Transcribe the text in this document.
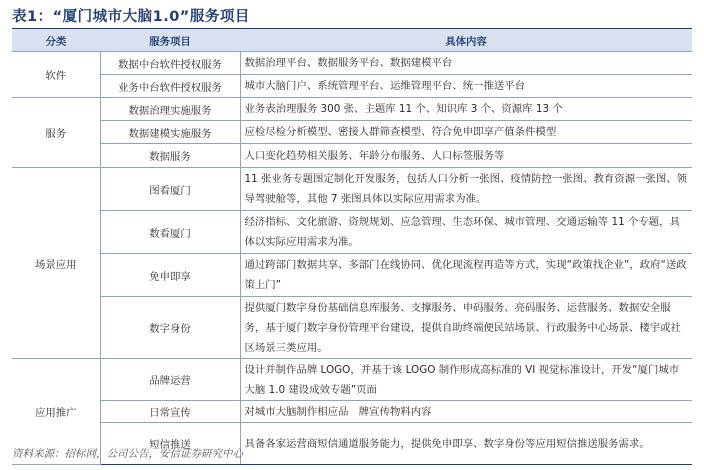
表1：“厦门城市大脑1.0”服务项目
分类	服务项目	具体内容
软件	数据中台软件授权服务	数据治理平台、数据服务平台、数据建模平台
	业务中台软件授权服务	城市大脑门户、系统管理平台、运维管理平台、统一推送平台
服务	数据治理实施服务	业务表治理服务 300 张、主题库 11 个、知识库 3 个、资源库 13 个
	数据建模实施服务	应检尽检分析模型、密接人群筛查模型、符合免申即享产值条件模型
	数据服务	人口变化趋势相关服务、年龄分布服务、人口标签服务等
场景应用	图看厦门	11 张业务专题图定制化开发服务，包括人口分析一张图、疫情防控一张图、教育资源一张图、领导驾驶舱等，其他 7 张图具体以实际应用需求为准。
	数看厦门	经济指标、文化旅游、资规规划、应急管理、生态环保、城市管理、交通运输等 11 个专题，具体以实际应用需求为准。
	免申即享	通过跨部门数据共享、多部门在线协同、优化现流程再造等方式，实现“政策找企业”，政府“送政策上门”
	数字身份	提供厦门数字身份基础信息库服务、支撑服务、申码服务、亮码服务、运营服务、数据安全服务，基于厦门数字身份管理平台建设，提供自助终端便民站场景、行政服务中心场景、楼宇或社区场景三类应用。
应用推广	品牌运营	设计并制作品牌 LOGO，并基于该 LOGO 制作形成高标准的 VI 视觉标准设计，开发“厦门城市大脑 1.0 建设成效专题”页面
	日常宣传	对城市大脑制作相应品　牌宣传物料内容
	短信推送	具备各家运营商短信通道服务能力，提供免申即享、数字身份等应用短信推送服务需求。
资料来源：招标网，公司公告，安信证券研究中心
